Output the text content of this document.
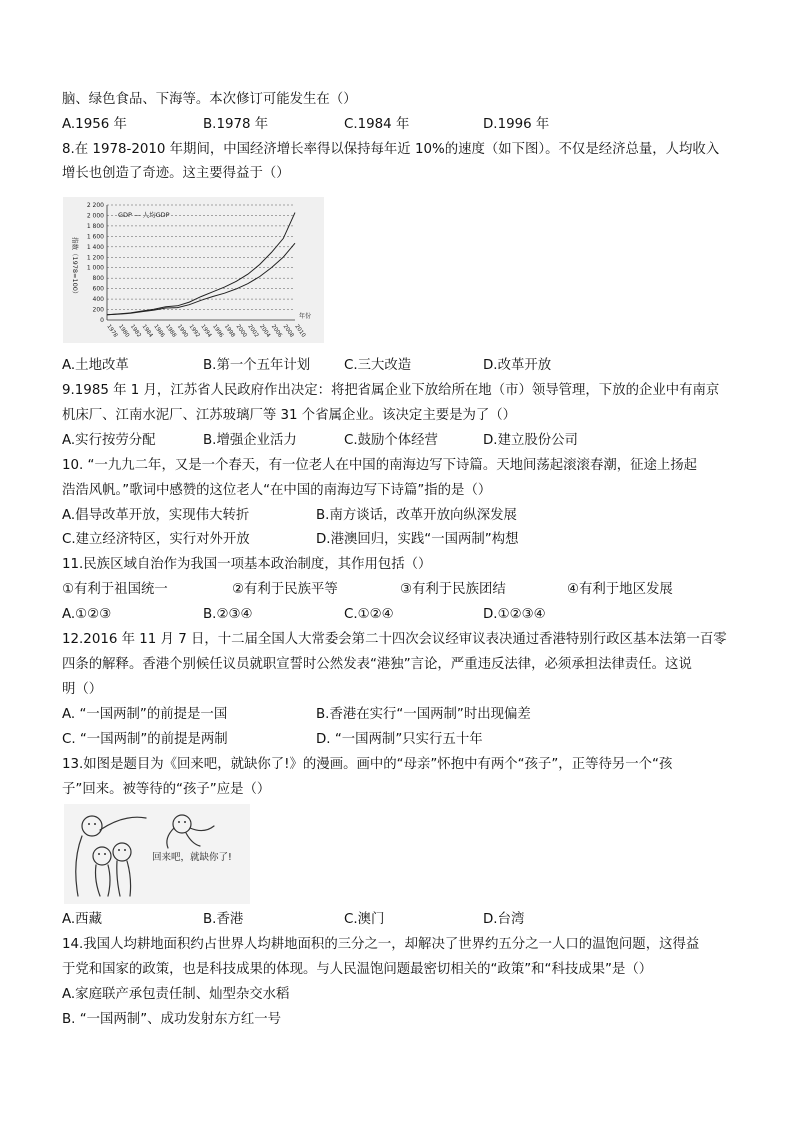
脑、绿色食品、下海等。本次修订可能发生在（）
A.1956 年	B.1978 年	C.1984 年	D.1996 年
8.在 1978-2010 年期间，中国经济增长率得以保持每年近 10%的速度（如下图）。不仅是经济总量，人均收入
增长也创造了奇迹。这主要得益于（）
0
200
400
600
800
1 000
1 200
1 400
1 600
1 800
2 000
2 200
1978
1980
1982
1984
1986
1988
1990
1992
1994
1996
1998
2000
2002
2004
2006
2008
2010
GDP — 人均GDP
指数（1978=100）
年份
A.土地改革	B.第一个五年计划	C.三大改造	D.改革开放
9.1985 年 1 月，江苏省人民政府作出决定：将把省属企业下放给所在地（市）领导管理，下放的企业中有南京
机床厂、江南水泥厂、江苏玻璃厂等 31 个省属企业。该决定主要是为了（）
A.实行按劳分配	B.增强企业活力	C.鼓励个体经营	D.建立股份公司
10. “一九九二年，又是一个春天，有一位老人在中国的南海边写下诗篇。天地间荡起滚滚春潮，征途上扬起
浩浩风帆。”歌词中感赞的这位老人“在中国的南海边写下诗篇”指的是（）
A.倡导改革开放，实现伟大转折	B.南方谈话，改革开放向纵深发展
C.建立经济特区，实行对外开放	D.港澳回归，实践“一国两制”构想
11.民族区域自治作为我国一项基本政治制度，其作用包括（）
①有利于祖国统一	②有利于民族平等	③有利于民族团结	④有利于地区发展
A.①②③	B.②③④	C.①②④	D.①②③④
12.2016 年 11 月 7 日，十二届全国人大常委会第二十四次会议经审议表决通过香港特别行政区基本法第一百零
四条的解释。香港个别候任议员就职宣誓时公然发表“港独”言论，严重违反法律，必须承担法律责任。这说
明（）
A. “一国两制”的前提是一国	B.香港在实行“一国两制”时出现偏差
C. “一国两制”的前提是两制	D. “一国两制”只实行五十年
13.如图是题目为《回来吧，就缺你了!》的漫画。画中的“母亲”怀抱中有两个“孩子”，正等待另一个“孩
子”回来。被等待的“孩子”应是（）
回来吧，就缺你了!
A.西藏	B.香港	C.澳门	D.台湾
14.我国人均耕地面积约占世界人均耕地面积的三分之一，却解决了世界约五分之一人口的温饱问题，这得益
于党和国家的政策，也是科技成果的体现。与人民温饱问题最密切相关的“政策”和“科技成果”是（）
A.家庭联产承包责任制、灿型杂交水稻
B. “一国两制”、成功发射东方红一号
